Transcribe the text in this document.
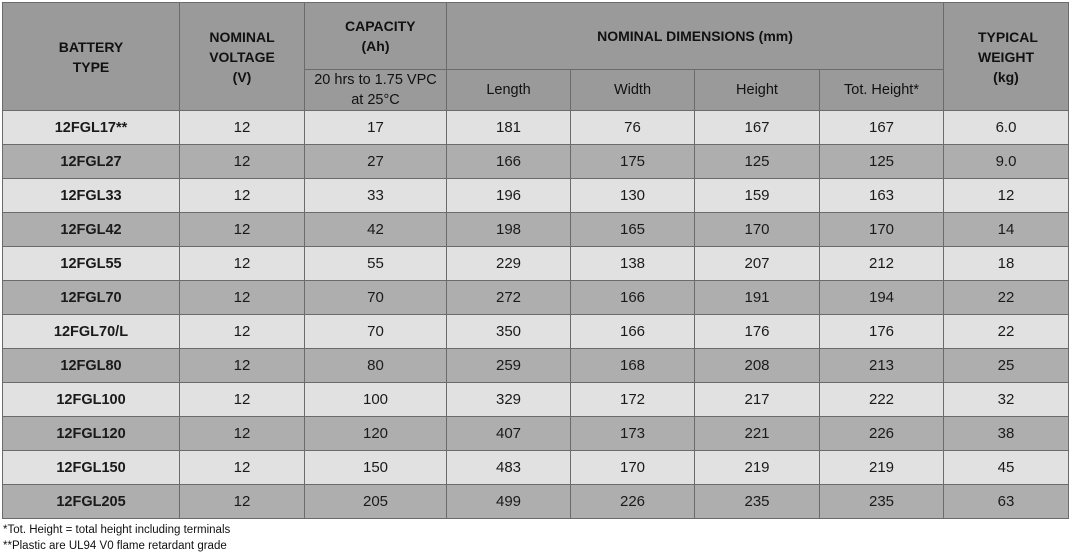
BATTERY TYPE	NOMINAL VOLTAGE (V)	CAPACITY (Ah)	NOMINAL DIMENSIONS (mm)				TYPICAL WEIGHT (kg)
		20 hrs to 1.75 VPC at 25°C	Length	Width	Height	Tot. Height*	
12FGL17**	12	17	181	76	167	167	6.0
12FGL27	12	27	166	175	125	125	9.0
12FGL33	12	33	196	130	159	163	12
12FGL42	12	42	198	165	170	170	14
12FGL55	12	55	229	138	207	212	18
12FGL70	12	70	272	166	191	194	22
12FGL70/L	12	70	350	166	176	176	22
12FGL80	12	80	259	168	208	213	25
12FGL100	12	100	329	172	217	222	32
12FGL120	12	120	407	173	221	226	38
12FGL150	12	150	483	170	219	219	45
12FGL205	12	205	499	226	235	235	63
*Tot. Height = total height including terminals
**Plastic are UL94 V0 flame retardant grade
